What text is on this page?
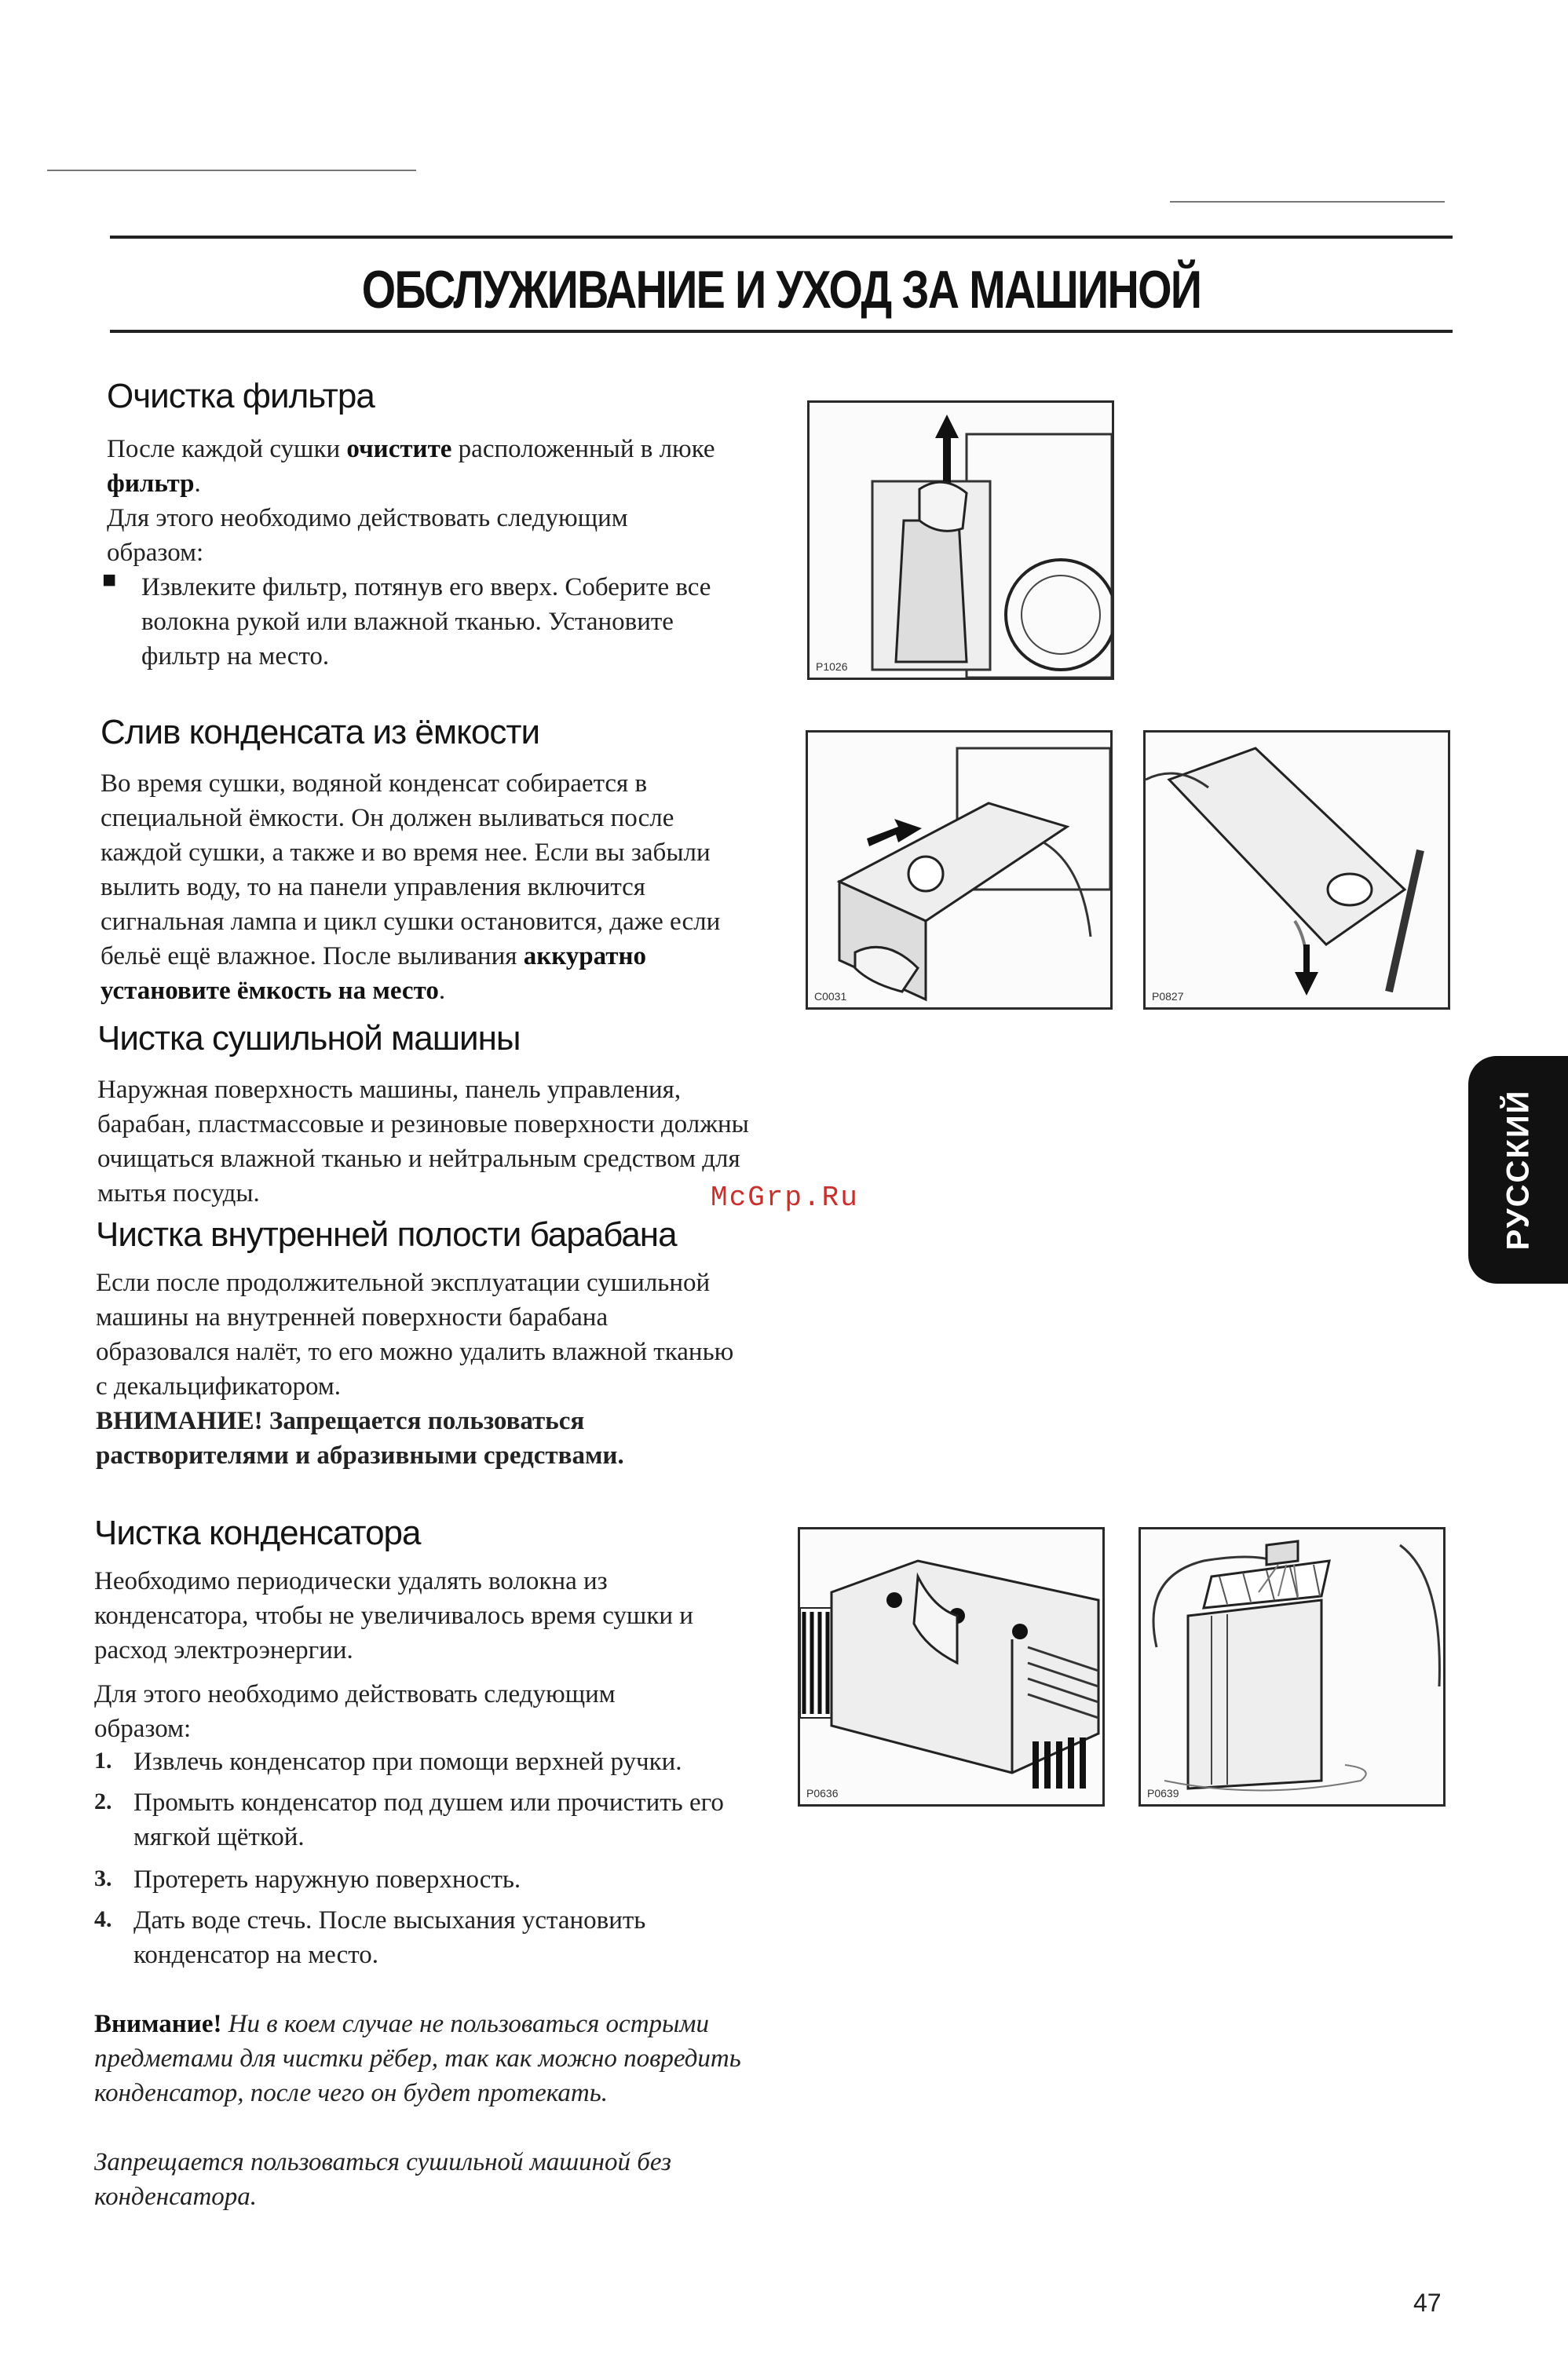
ОБСЛУЖИВАНИЕ И УХОД ЗА МАШИНОЙ
Очистка фильтра

После каждой сушки очистите расположенный в люке фильтр.

Для этого необходимо действовать следующим образом:

■ Извлеките фильтр, потянув его вверх. Соберите все волокна рукой или влажной тканью. Установите фильтр на место.	P1026
Слив конденсата из ёмкости

Во время сушки, водяной конденсат собирается в специальной ёмкости. Он должен выливаться после каждой сушки, а также и во время нее. Если вы забыли вылить воду, то на панели управления включится сигнальная лампа и цикл сушки остановится, даже если бельё ещё влажное. После выливания аккуратно установите ёмкость на место.	C0031	P0827
Чистка сушильной машины

Наружная поверхность машины, панель управления, барабан, пластмассовые и резиновые поверхности должны очищаться влажной тканью и нейтральным средством для мытья посуды.

Чистка внутренней полости барабана

Если после продолжительной эксплуатации сушильной машины на внутренней поверхности барабана образовался налёт, то его можно удалить влажной тканью с декальцификатором.

ВНИМАНИЕ! Запрещается пользоваться растворителями и абразивными средствами.

Чистка конденсатора

Необходимо периодически удалять волокна из конденсатора, чтобы не увеличивалось время сушки и расход электроэнергии.

Для этого необходимо действовать следующим образом:

1. Извлечь конденсатор при помощи верхней ручки.

2. Промыть конденсатор под душем или прочистить его мягкой щёткой.

3. Протереть наружную поверхность.

4. Дать воде стечь. После высыхания установить конденсатор на место.

Внимание! Ни в коем случае не пользоваться острыми предметами для чистки рёбер, так как можно повредить конденсатор, после чего он будет протекать.

Запрещается пользоваться сушильной машиной без конденсатора.

P0636	P0639
McGrp.Ru	РУССКИЙ
47
